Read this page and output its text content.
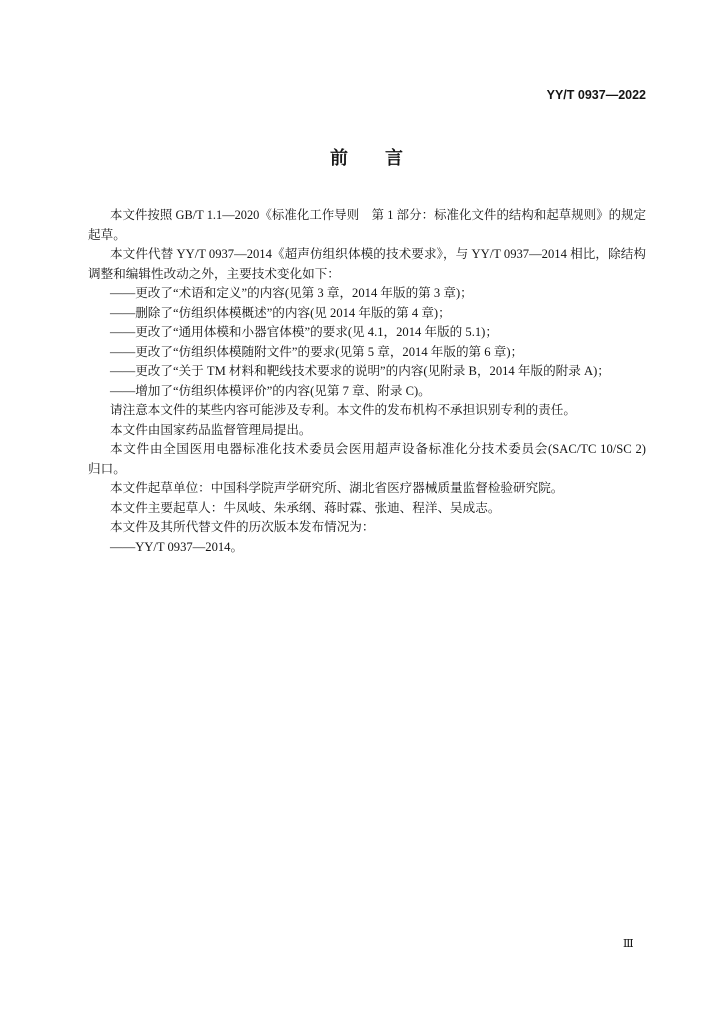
YY/T 0937—2022
前　言
本文件按照 GB/T 1.1—2020《标准化工作导则　第 1 部分：标准化文件的结构和起草规则》的规定
起草。
本文件代替 YY/T 0937—2014《超声仿组织体模的技术要求》，与 YY/T 0937—2014 相比，除结构
调整和编辑性改动之外，主要技术变化如下：
——更改了“术语和定义”的内容(见第 3 章，2014 年版的第 3 章)；
——删除了“仿组织体模概述”的内容(见 2014 年版的第 4 章)；
——更改了“通用体模和小器官体模”的要求(见 4.1，2014 年版的 5.1)；
——更改了“仿组织体模随附文件”的要求(见第 5 章，2014 年版的第 6 章)；
——更改了“关于 TM 材料和靶线技术要求的说明”的内容(见附录 B，2014 年版的附录 A)；
——增加了“仿组织体模评价”的内容(见第 7 章、附录 C)。
请注意本文件的某些内容可能涉及专利。本文件的发布机构不承担识别专利的责任。
本文件由国家药品监督管理局提出。
本文件由全国医用电器标准化技术委员会医用超声设备标准化分技术委员会(SAC/TC 10/SC 2)
归口。
本文件起草单位：中国科学院声学研究所、湖北省医疗器械质量监督检验研究院。
本文件主要起草人：牛凤岐、朱承纲、蒋时霖、张迪、程洋、吴成志。
本文件及其所代替文件的历次版本发布情况为：
——YY/T 0937—2014。
Ⅲ
